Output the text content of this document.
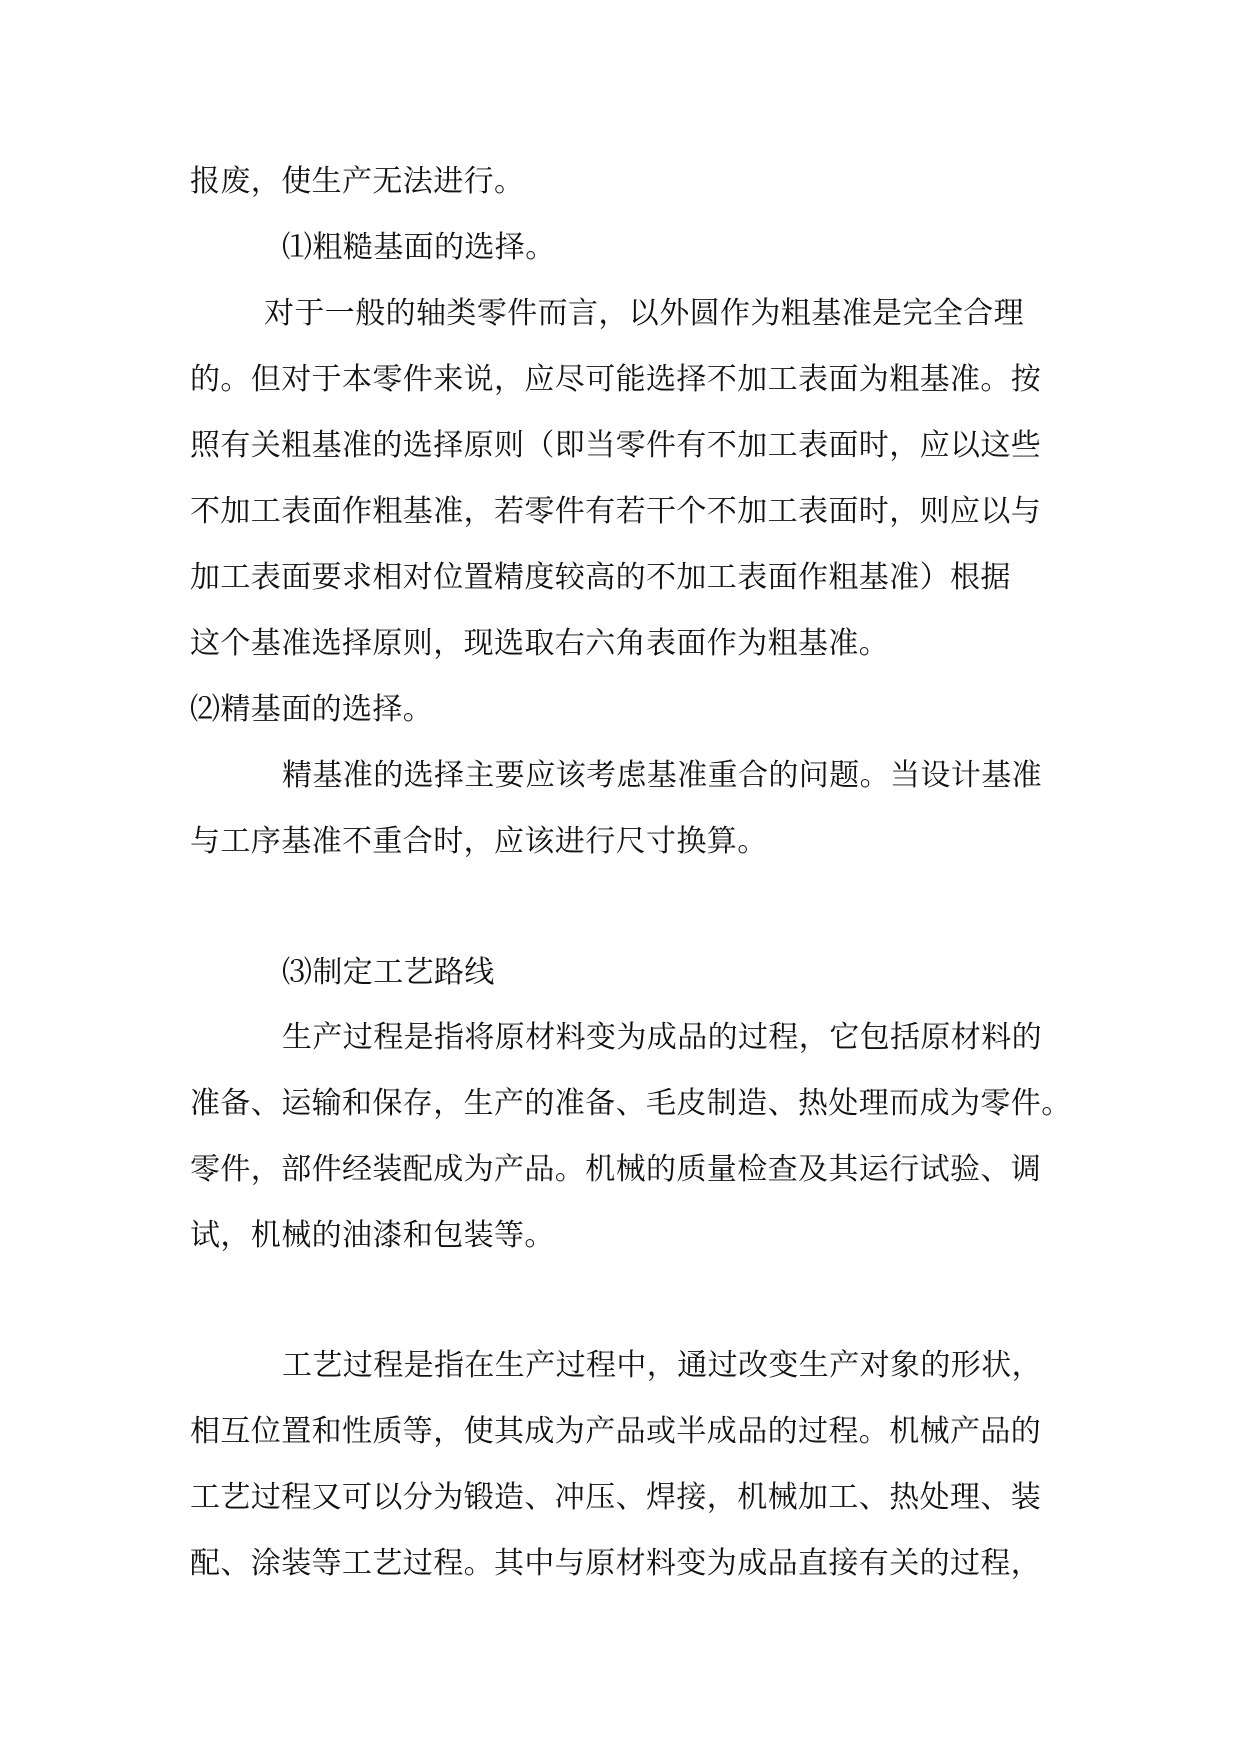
报废，使生产无法进行。
⑴粗糙基面的选择。
对于一般的轴类零件而言，以外圆作为粗基准是完全合理
的。但对于本零件来说，应尽可能选择不加工表面为粗基准。按
照有关粗基准的选择原则（即当零件有不加工表面时，应以这些
不加工表面作粗基准，若零件有若干个不加工表面时，则应以与
加工表面要求相对位置精度较高的不加工表面作粗基准）根据
这个基准选择原则，现选取右六角表面作为粗基准。
⑵精基面的选择。
精基准的选择主要应该考虑基准重合的问题。当设计基准
与工序基准不重合时，应该进行尺寸换算。
⑶制定工艺路线
生产过程是指将原材料变为成品的过程，它包括原材料的
准备、运输和保存，生产的准备、毛皮制造、热处理而成为零件。
零件，部件经装配成为产品。机械的质量检查及其运行试验、调
试，机械的油漆和包装等。
工艺过程是指在生产过程中，通过改变生产对象的形状，
相互位置和性质等，使其成为产品或半成品的过程。机械产品的
工艺过程又可以分为锻造、冲压、焊接，机械加工、热处理、装
配、涂装等工艺过程。其中与原材料变为成品直接有关的过程，
